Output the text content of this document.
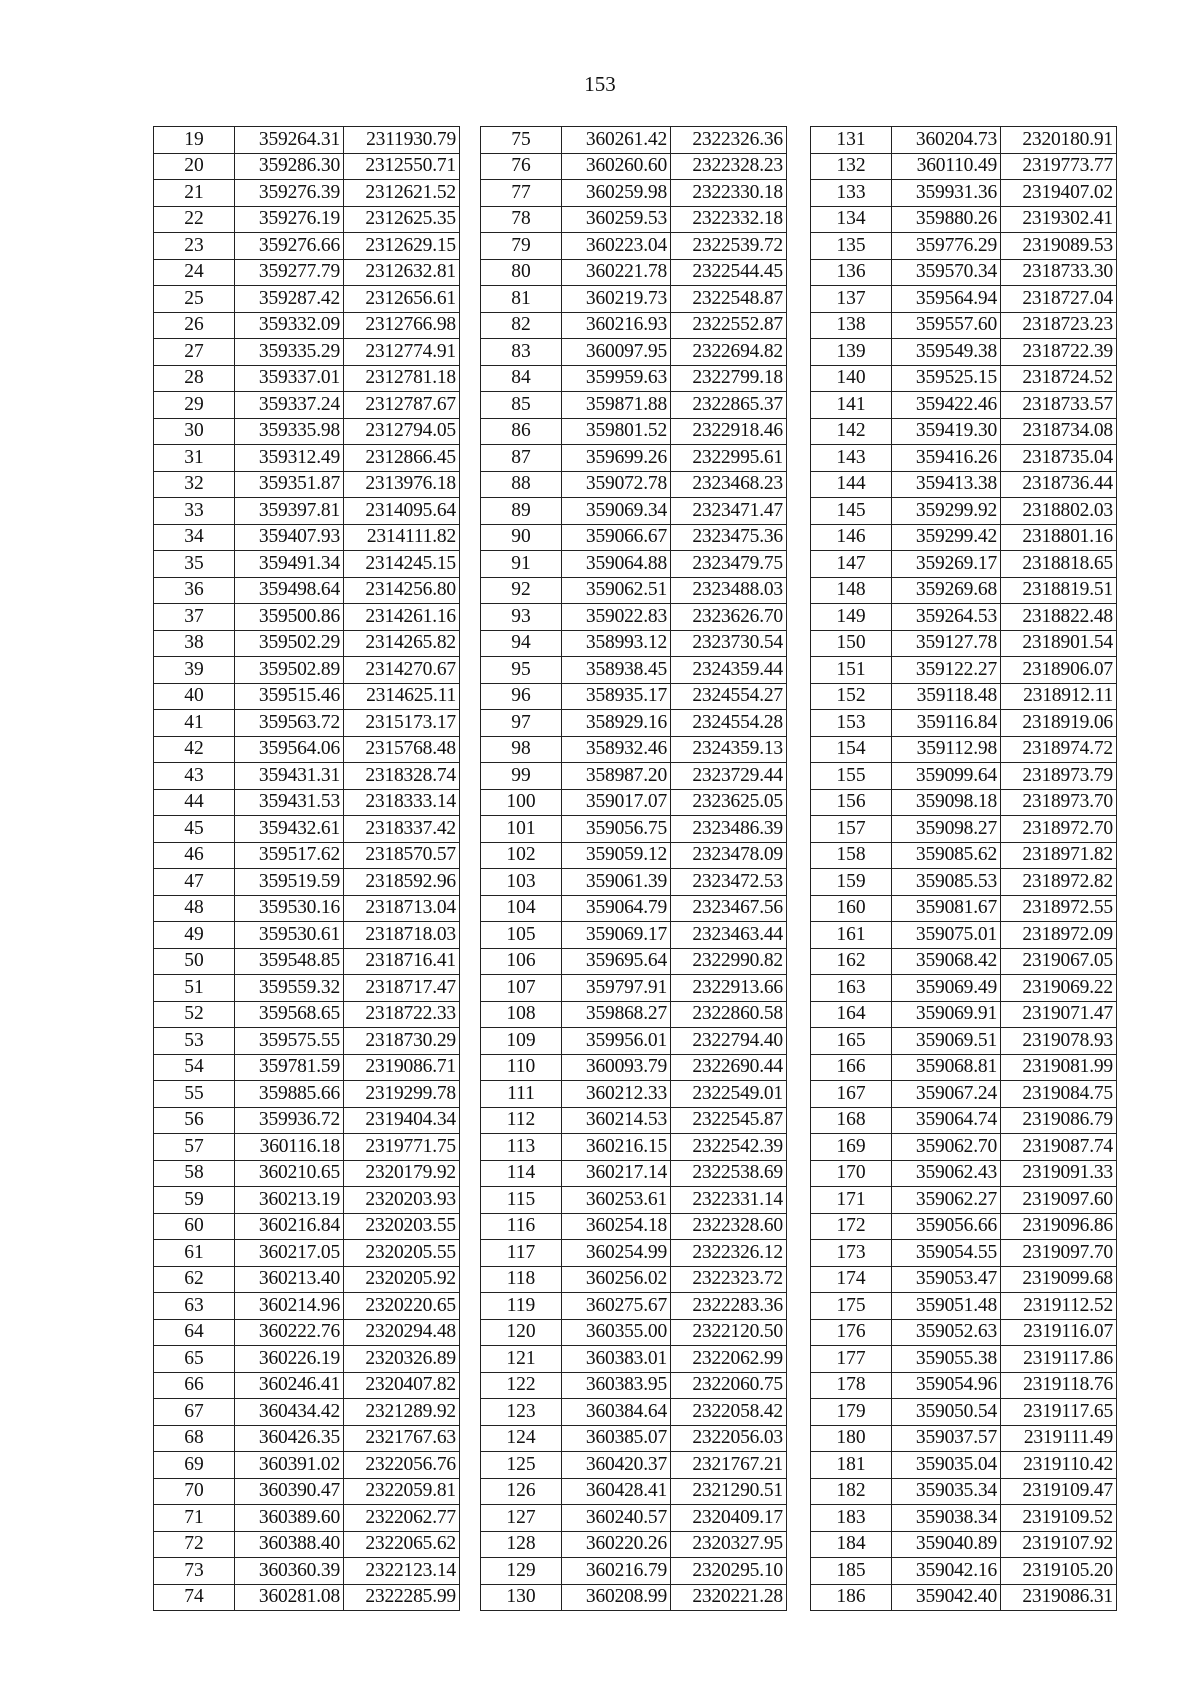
153
19	359264.31	2311930.79
20	359286.30	2312550.71
21	359276.39	2312621.52
22	359276.19	2312625.35
23	359276.66	2312629.15
24	359277.79	2312632.81
25	359287.42	2312656.61
26	359332.09	2312766.98
27	359335.29	2312774.91
28	359337.01	2312781.18
29	359337.24	2312787.67
30	359335.98	2312794.05
31	359312.49	2312866.45
32	359351.87	2313976.18
33	359397.81	2314095.64
34	359407.93	2314111.82
35	359491.34	2314245.15
36	359498.64	2314256.80
37	359500.86	2314261.16
38	359502.29	2314265.82
39	359502.89	2314270.67
40	359515.46	2314625.11
41	359563.72	2315173.17
42	359564.06	2315768.48
43	359431.31	2318328.74
44	359431.53	2318333.14
45	359432.61	2318337.42
46	359517.62	2318570.57
47	359519.59	2318592.96
48	359530.16	2318713.04
49	359530.61	2318718.03
50	359548.85	2318716.41
51	359559.32	2318717.47
52	359568.65	2318722.33
53	359575.55	2318730.29
54	359781.59	2319086.71
55	359885.66	2319299.78
56	359936.72	2319404.34
57	360116.18	2319771.75
58	360210.65	2320179.92
59	360213.19	2320203.93
60	360216.84	2320203.55
61	360217.05	2320205.55
62	360213.40	2320205.92
63	360214.96	2320220.65
64	360222.76	2320294.48
65	360226.19	2320326.89
66	360246.41	2320407.82
67	360434.42	2321289.92
68	360426.35	2321767.63
69	360391.02	2322056.76
70	360390.47	2322059.81
71	360389.60	2322062.77
72	360388.40	2322065.62
73	360360.39	2322123.14
74	360281.08	2322285.99
75	360261.42	2322326.36
76	360260.60	2322328.23
77	360259.98	2322330.18
78	360259.53	2322332.18
79	360223.04	2322539.72
80	360221.78	2322544.45
81	360219.73	2322548.87
82	360216.93	2322552.87
83	360097.95	2322694.82
84	359959.63	2322799.18
85	359871.88	2322865.37
86	359801.52	2322918.46
87	359699.26	2322995.61
88	359072.78	2323468.23
89	359069.34	2323471.47
90	359066.67	2323475.36
91	359064.88	2323479.75
92	359062.51	2323488.03
93	359022.83	2323626.70
94	358993.12	2323730.54
95	358938.45	2324359.44
96	358935.17	2324554.27
97	358929.16	2324554.28
98	358932.46	2324359.13
99	358987.20	2323729.44
100	359017.07	2323625.05
101	359056.75	2323486.39
102	359059.12	2323478.09
103	359061.39	2323472.53
104	359064.79	2323467.56
105	359069.17	2323463.44
106	359695.64	2322990.82
107	359797.91	2322913.66
108	359868.27	2322860.58
109	359956.01	2322794.40
110	360093.79	2322690.44
111	360212.33	2322549.01
112	360214.53	2322545.87
113	360216.15	2322542.39
114	360217.14	2322538.69
115	360253.61	2322331.14
116	360254.18	2322328.60
117	360254.99	2322326.12
118	360256.02	2322323.72
119	360275.67	2322283.36
120	360355.00	2322120.50
121	360383.01	2322062.99
122	360383.95	2322060.75
123	360384.64	2322058.42
124	360385.07	2322056.03
125	360420.37	2321767.21
126	360428.41	2321290.51
127	360240.57	2320409.17
128	360220.26	2320327.95
129	360216.79	2320295.10
130	360208.99	2320221.28
131	360204.73	2320180.91
132	360110.49	2319773.77
133	359931.36	2319407.02
134	359880.26	2319302.41
135	359776.29	2319089.53
136	359570.34	2318733.30
137	359564.94	2318727.04
138	359557.60	2318723.23
139	359549.38	2318722.39
140	359525.15	2318724.52
141	359422.46	2318733.57
142	359419.30	2318734.08
143	359416.26	2318735.04
144	359413.38	2318736.44
145	359299.92	2318802.03
146	359299.42	2318801.16
147	359269.17	2318818.65
148	359269.68	2318819.51
149	359264.53	2318822.48
150	359127.78	2318901.54
151	359122.27	2318906.07
152	359118.48	2318912.11
153	359116.84	2318919.06
154	359112.98	2318974.72
155	359099.64	2318973.79
156	359098.18	2318973.70
157	359098.27	2318972.70
158	359085.62	2318971.82
159	359085.53	2318972.82
160	359081.67	2318972.55
161	359075.01	2318972.09
162	359068.42	2319067.05
163	359069.49	2319069.22
164	359069.91	2319071.47
165	359069.51	2319078.93
166	359068.81	2319081.99
167	359067.24	2319084.75
168	359064.74	2319086.79
169	359062.70	2319087.74
170	359062.43	2319091.33
171	359062.27	2319097.60
172	359056.66	2319096.86
173	359054.55	2319097.70
174	359053.47	2319099.68
175	359051.48	2319112.52
176	359052.63	2319116.07
177	359055.38	2319117.86
178	359054.96	2319118.76
179	359050.54	2319117.65
180	359037.57	2319111.49
181	359035.04	2319110.42
182	359035.34	2319109.47
183	359038.34	2319109.52
184	359040.89	2319107.92
185	359042.16	2319105.20
186	359042.40	2319086.31
